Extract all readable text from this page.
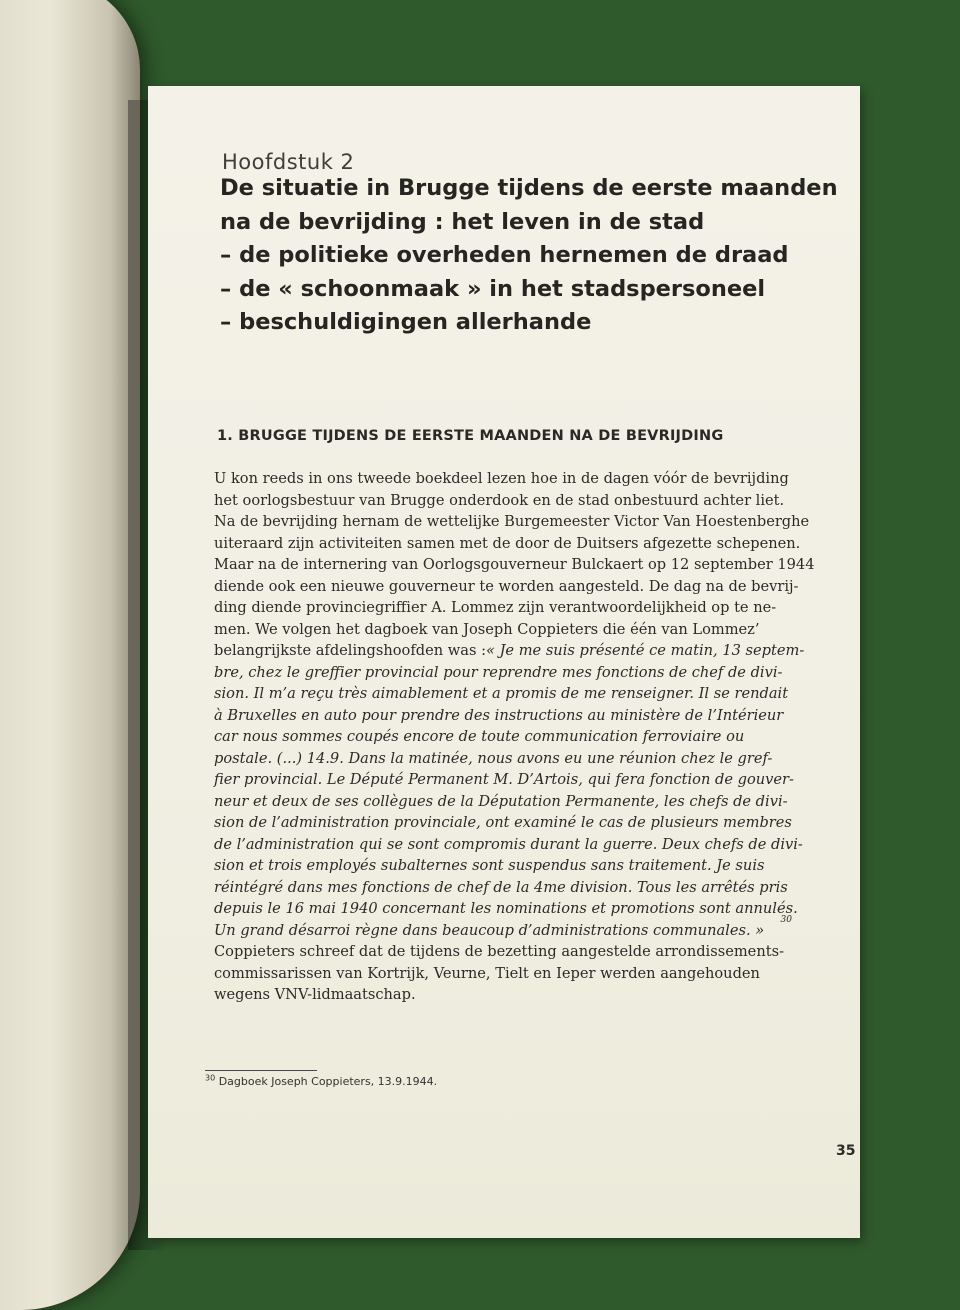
Hoofdstuk 2
De situatie in Brugge tijdens de eerste maanden
na de bevrijding : het leven in de stad
– de politieke overheden hernemen de draad
– de « schoonmaak » in het stadspersoneel
– beschuldigingen allerhande
1. BRUGGE TIJDENS DE EERSTE MAANDEN NA DE BEVRIJDING
U kon reeds in ons tweede boekdeel lezen hoe in de dagen vóór de bevrijding
het oorlogsbestuur van Brugge onderdook en de stad onbestuurd achter liet.
Na de bevrijding hernam de wettelijke Burgemeester Victor Van Hoestenberghe
uiteraard zijn activiteiten samen met de door de Duitsers afgezette schepenen.
Maar na de internering van Oorlogsgouverneur Bulckaert op 12 september 1944
diende ook een nieuwe gouverneur te worden aangesteld. De dag na de bevrij-
ding diende provinciegriffier A. Lommez zijn verantwoordelijkheid op te ne-
men. We volgen het dagboek van Joseph Coppieters die één van Lommez’
belangrijkste afdelingshoofden was : « Je me suis présenté ce matin, 13 septem-
bre, chez le greffier provincial pour reprendre mes fonctions de chef de divi-
sion. Il m’a reçu très aimablement et a promis de me renseigner. Il se rendait
à Bruxelles en auto pour prendre des instructions au ministère de l’Intérieur
car nous sommes coupés encore de toute communication ferroviaire ou
postale. (...) 14.9. Dans la matinée, nous avons eu une réunion chez le gref-
fier provincial. Le Député Permanent M. D’Artois, qui fera fonction de gouver-
neur et deux de ses collègues de la Députation Permanente, les chefs de divi-
sion de l’administration provinciale, ont examiné le cas de plusieurs membres
de l’administration qui se sont compromis durant la guerre. Deux chefs de divi-
sion et trois employés subalternes sont suspendus sans traitement. Je suis
réintégré dans mes fonctions de chef de la 4me division. Tous les arrêtés pris
depuis le 16 mai 1940 concernant les nominations et promotions sont annulés.
Un grand désarroi règne dans beaucoup d’administrations communales. »
30
Coppieters schreef dat de tijdens de bezetting aangestelde arrondissements-
commissarissen van Kortrijk, Veurne, Tielt en Ieper werden aangehouden
wegens VNV-lidmaatschap.
$^{30}$ Dagboek Joseph Coppieters, 13.9.1944.
35
